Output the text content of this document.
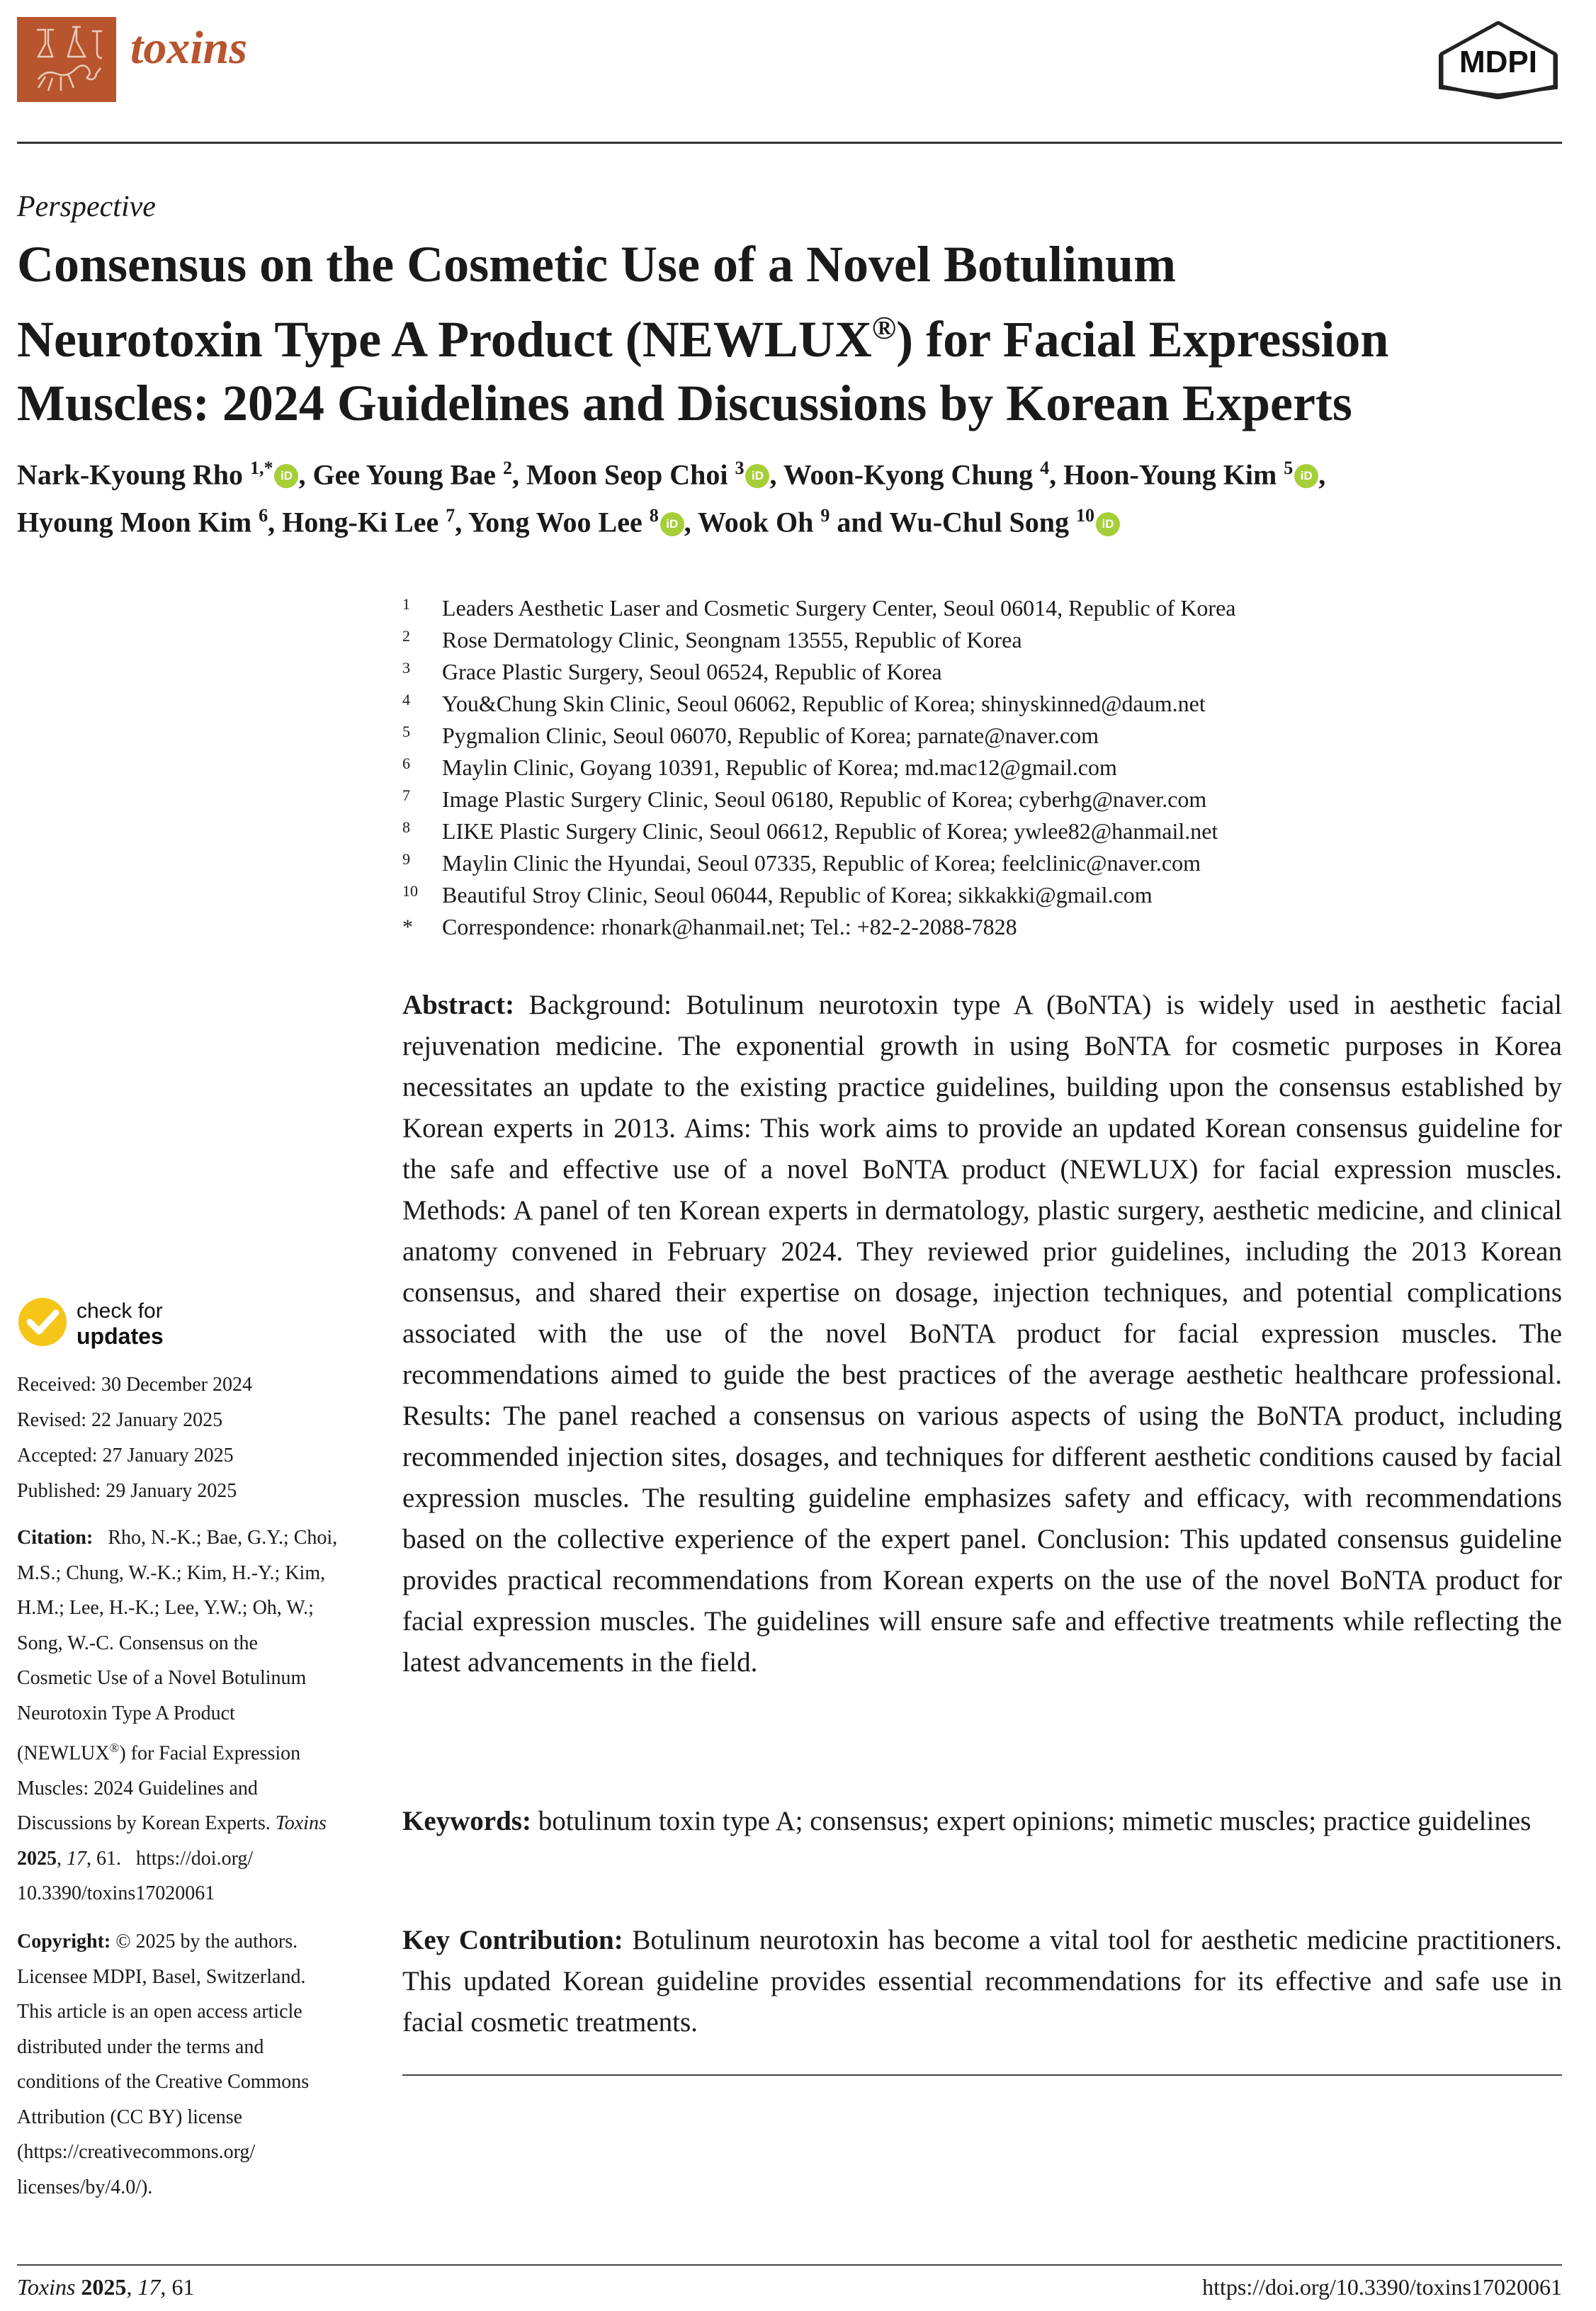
toxins	MDPI
Perspective
Consensus on the Cosmetic Use of a Novel Botulinum
Neurotoxin Type A Product (NEWLUX®) for Facial Expression
Muscles: 2024 Guidelines and Discussions by Korean Experts
Nark-Kyoung Rho $^{1,*}$ iD , Gee Young Bae $^2$, Moon Seop Choi $^3$ iD , Woon-Kyong Chung $^4$, Hoon-Young Kim $^5$ iD ,
Hyoung Moon Kim $^6$, Hong-Ki Lee $^7$, Yong Woo Lee $^8$ iD , Wook Oh $^9$ and Wu-Chul Song $^{10}$ iD
1 Leaders Aesthetic Laser and Cosmetic Surgery Center, Seoul 06014, Republic of Korea
2 Rose Dermatology Clinic, Seongnam 13555, Republic of Korea
3 Grace Plastic Surgery, Seoul 06524, Republic of Korea
4 You&Chung Skin Clinic, Seoul 06062, Republic of Korea; shinyskinned@daum.net
5 Pygmalion Clinic, Seoul 06070, Republic of Korea; parnate@naver.com
6 Maylin Clinic, Goyang 10391, Republic of Korea; md.mac12@gmail.com
7 Image Plastic Surgery Clinic, Seoul 06180, Republic of Korea; cyberhg@naver.com
8 LIKE Plastic Surgery Clinic, Seoul 06612, Republic of Korea; ywlee82@hanmail.net
9 Maylin Clinic the Hyundai, Seoul 07335, Republic of Korea; feelclinic@naver.com
10 Beautiful Stroy Clinic, Seoul 06044, Republic of Korea; sikkakki@gmail.com
* Correspondence: rhonark@hanmail.net; Tel.: +82-2-2088-7828
Abstract: Background: Botulinum neurotoxin type A (BoNTA) is widely used in aesthetic facial rejuvenation medicine. The exponential growth in using BoNTA for cosmetic purposes in Korea necessitates an update to the existing practice guidelines, building upon the consensus established by Korean experts in 2013. Aims: This work aims to provide an updated Korean consensus guideline for the safe and effective use of a novel BoNTA product (NEWLUX) for facial expression muscles. Methods: A panel of ten Korean experts in dermatology, plastic surgery, aesthetic medicine, and clinical anatomy convened in February 2024. They reviewed prior guidelines, including the 2013 Korean consensus, and shared their expertise on dosage, injection techniques, and potential complications associated with the use of the novel BoNTA product for facial expression muscles. The recommendations aimed to guide the best practices of the average aesthetic healthcare professional. Results: The panel reached a consensus on various aspects of using the BoNTA product, including recommended injection sites, dosages, and techniques for different aesthetic conditions caused by facial expression muscles. The resulting guideline emphasizes safety and efficacy, with recommendations based on the collective experience of the expert panel. Conclusion: This updated consensus guideline provides practical recommendations from Korean experts on the use of the novel BoNTA product for facial expression muscles. The guidelines will ensure safe and effective treatments while reflecting the latest advancements in the field.
Keywords: botulinum toxin type A; consensus; expert opinions; mimetic muscles; practice guidelines
Key Contribution: Botulinum neurotoxin has become a vital tool for aesthetic medicine practitioners. This updated Korean guideline provides essential recommendations for its effective and safe use in facial cosmetic treatments.
check for
updates
Received: 30 December 2024
Revised: 22 January 2025
Accepted: 27 January 2025
Published: 29 January 2025
Citation: Rho, N.-K.; Bae, G.Y.; Choi,
M.S.; Chung, W.-K.; Kim, H.-Y.; Kim,
H.M.; Lee, H.-K.; Lee, Y.W.; Oh, W.;
Song, W.-C. Consensus on the
Cosmetic Use of a Novel Botulinum
Neurotoxin Type A Product
(NEWLUX®) for Facial Expression
Muscles: 2024 Guidelines and
Discussions by Korean Experts. Toxins
2025, 17, 61. https://doi.org/
10.3390/toxins17020061
Copyright: © 2025 by the authors.
Licensee MDPI, Basel, Switzerland.
This article is an open access article
distributed under the terms and
conditions of the Creative Commons
Attribution (CC BY) license
(https://creativecommons.org/
licenses/by/4.0/).
Toxins 2025, 17, 61	https://doi.org/10.3390/toxins17020061
